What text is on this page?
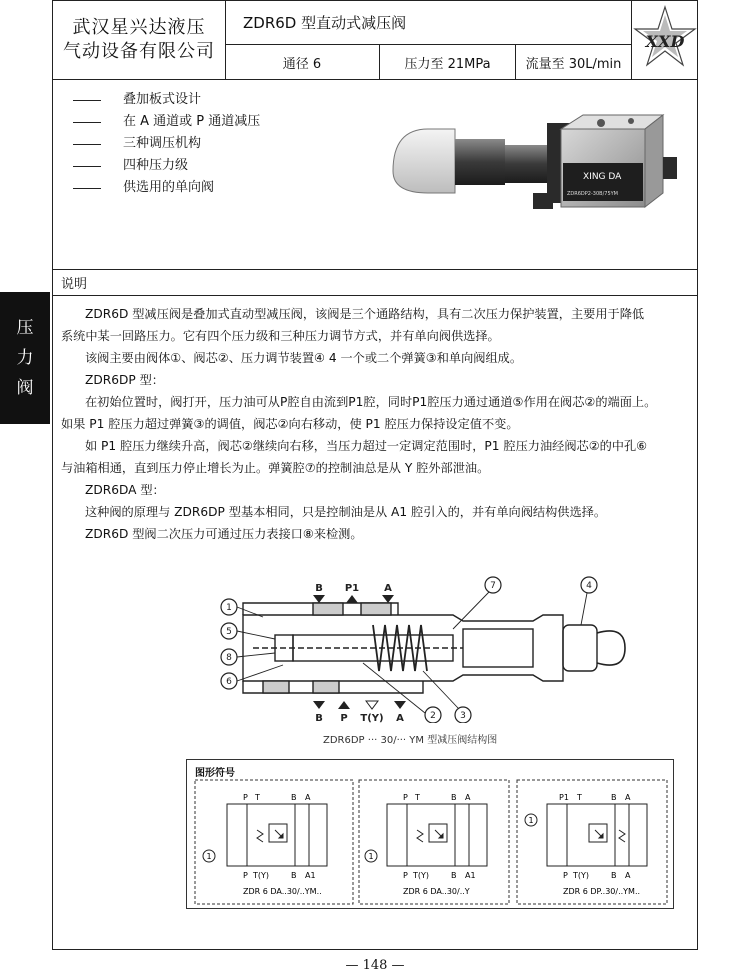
武汉星兴达液压
气动设备有限公司
ZDR6D 型直动式减压阀
通径 6	压力至 21MPa	流量至 30L/min
XXD
叠加板式设计
在 A 通道或 P 通道减压
三种调压机构
四种压力级
供选用的单向阀
XING DA
ZDR6DP2-30B/75YM
说明

ZDR6D 型减压阀是叠加式直动型减压阀，该阀是三个通路结构，具有二次压力保护装置，主要用于降低

系统中某一回路压力。它有四个压力级和三种压力调节方式，并有单向阀供选择。

该阀主要由阀体①、阀芯②、压力调节装置④ 4 一个或二个弹簧③和单向阀组成。

ZDR6DP 型：

在初始位置时，阀打开，压力油可从P腔自由流到P1腔，同时P1腔压力通过通道⑤作用在阀芯②的端面上。

如果 P1 腔压力超过弹簧③的调值，阀芯②向右移动，使 P1 腔压力保持设定值不变。

如 P1 腔压力继续升高，阀芯②继续向右移，当压力超过一定调定范围时，P1 腔压力油经阀芯②的中孔⑥

与油箱相通，直到压力停止增长为止。弹簧腔⑦的控制油总是从 Y 腔外部泄油。

ZDR6DA 型：

这种阀的原理与 ZDR6DP 型基本相同，只是控制油是从 A1 腔引入的，并有单向阀结构供选择。

ZDR6D 型阀二次压力可通过压力表接口⑧来检测。

B P1 A
B P T(Y) A
1
5
8
6
7	4
2	3
ZDR6DP ··· 30/··· YM 型减压阀结构图
图形符号
1
P T	B A
P T(Y)	B A1
ZDR 6 DA..30/..YM..
1
P T	B A
P T(Y)	B A1
ZDR 6 DA..30/..Y
1
P1 T	B A
P T(Y)	B A
ZDR 6 DP..30/..YM..
压
力
阀
— 148 —
